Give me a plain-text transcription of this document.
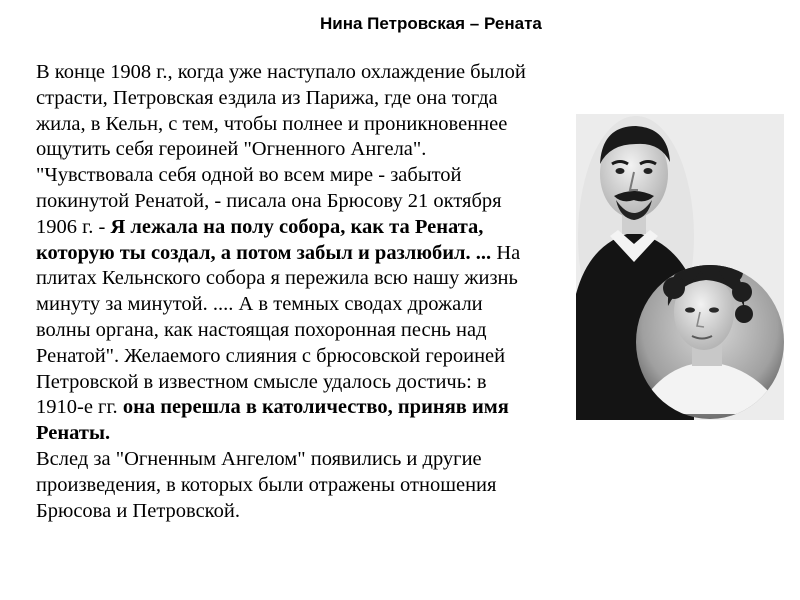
Нина Петровская – Рената

В конце 1908 г., когда уже наступало охлаждение былой страсти, Петровская ездила из Парижа, где она тогда жила, в Кельн, с тем, чтобы полнее и проникновеннее ощутить себя героиней "Огненного Ангела". "Чувствовала себя одной во всем мире - забытой покинутой Ренатой, - писала она Брюсову 21 октября 1906 г. - Я лежала на полу собора, как та Рената, которую ты создал, а потом забыл и разлюбил. ... На плитах Кельнского собора я пережила всю нашу жизнь минуту за минутой. .... А в темных сводах дрожали волны органа, как настоящая похоронная песнь над Ренатой". Желаемого слияния с брюсовской героиней Петровской в известном смысле удалось достичь: в 1910-е гг. она перешла в католичество, приняв имя Ренаты.

Вслед за "Огненным Ангелом" появились и другие произведения, в которых были отражены отношения Брюсова и Петровской.
